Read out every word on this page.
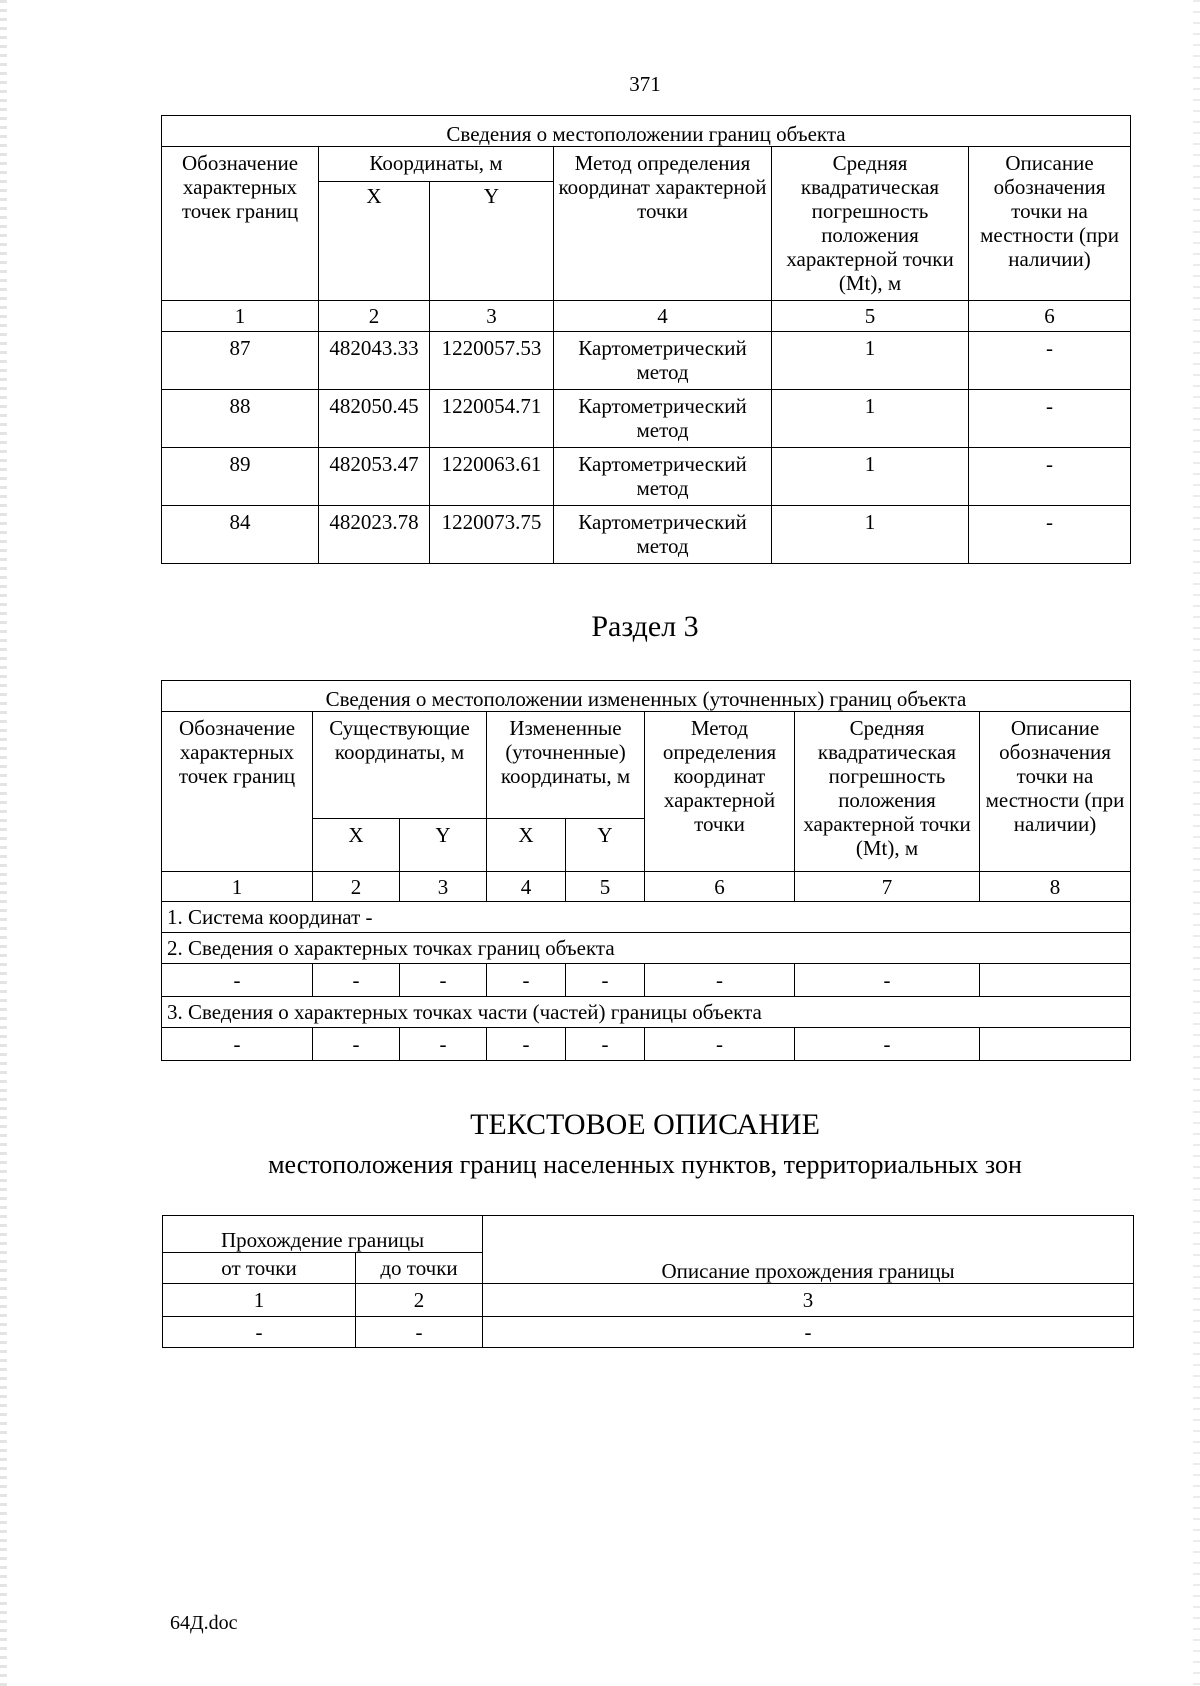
371
Сведения о местоположении границ объекта					
Обозначение характерных точек границ	Координаты, м		Метод определения координат характерной точки	Средняя квадратическая погрешность положения характерной точки (Mt), м	Описание обозначения точки на местности (при наличии)
	X	Y			
1	2	3	4	5	6
87	482043.33	1220057.53	Картометрический метод	1	-
88	482050.45	1220054.71	Картометрический метод	1	-
89	482053.47	1220063.61	Картометрический метод	1	-
84	482023.78	1220073.75	Картометрический метод	1	-
Раздел 3
Сведения о местоположении измененных (уточненных) границ объекта							
Обозначение характерных точек границ	Существующие координаты, м		Измененные (уточненные) координаты, м		Метод определения координат характерной точки	Средняя квадратическая погрешность положения характерной точки (Mt), м	Описание обозначения точки на местности (при наличии)
	X	Y	X	Y			
1	2	3	4	5	6	7	8
1. Система координат -							
2. Сведения о характерных точках границ объекта							
-	-	-	-	-	-	-	
3. Сведения о характерных точках части (частей) границы объекта							
-	-	-	-	-	-	-	
ТЕКСТОВОЕ ОПИСАНИЕ
местоположения границ населенных пунктов, территориальных зон
Прохождение границы		Описание прохождения границы
от точки	до точки	
1	2	3
-	-	-
64Д.doc
